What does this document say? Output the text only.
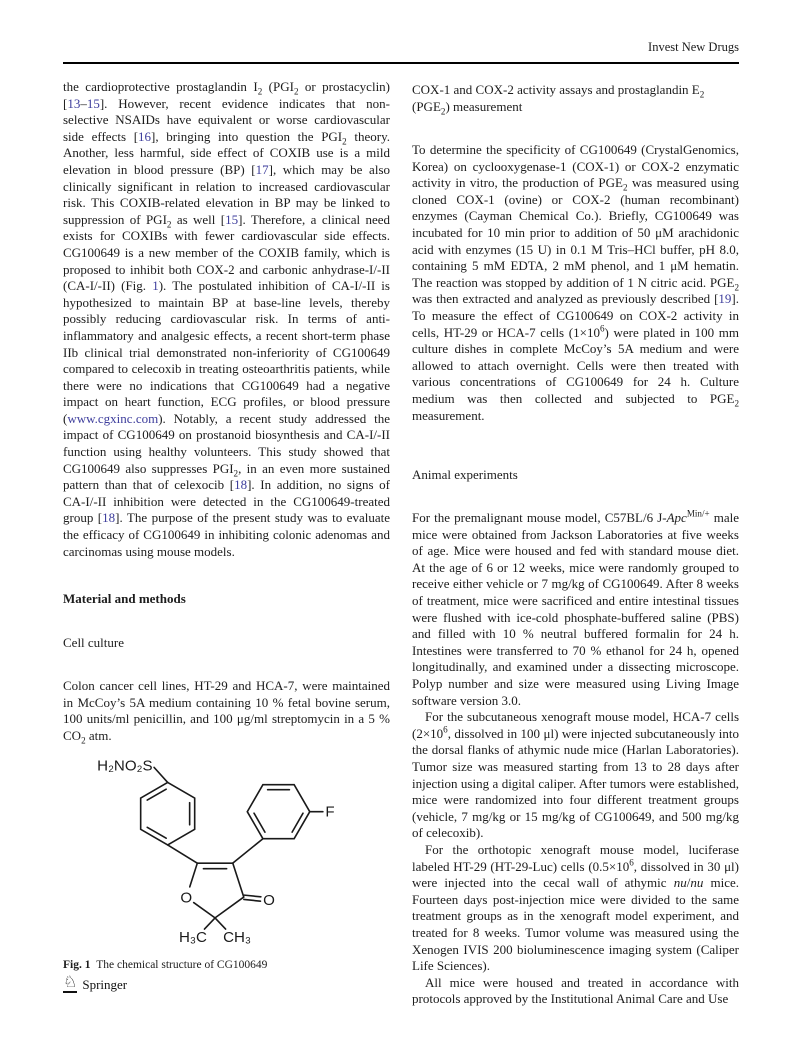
Invest New Drugs

the cardioprotective prostaglandin $I_2$ ($PGI_2$ or prostacyclin) [13–15]. However, recent evidence indicates that non-selective NSAIDs have equivalent or worse cardiovascular side effects [16], bringing into question the $PGI_2$ theory. Another, less harmful, side effect of COXIB use is a mild elevation in blood pressure (BP) [17], which may be also clinically significant in relation to increased cardiovascular risk. This COXIB-related elevation in BP may be linked to suppression of $PGI_2$ as well [15]. Therefore, a clinical need exists for COXIBs with fewer cardiovascular side effects. CG100649 is a new member of the COXIB family, which is proposed to inhibit both COX-2 and carbonic anhydrase-I/-II (CA-I/-II) (Fig. 1). The postulated inhibition of CA-I/-II is hypothesized to maintain BP at base-line levels, thereby possibly reducing cardiovascular risk. In terms of anti-inflammatory and analgesic effects, a recent short-term phase IIb clinical trial demonstrated non-inferiority of CG100649 compared to celecoxib in treating osteoarthritis patients, while there were no indications that CG100649 had a negative impact on heart function, ECG profiles, or blood pressure (www.cgxinc.com). Notably, a recent study addressed the impact of CG100649 on prostanoid biosynthesis and CA-I/-II function using healthy volunteers. This study showed that CG100649 also suppresses $PGI_2$, in an even more sustained pattern than that of celexocib [18]. In addition, no signs of CA-I/-II inhibition were detected in the CG100649-treated group [18]. The purpose of the present study was to evaluate the efficacy of CG100649 in inhibiting colonic adenomas and carcinomas using mouse models.

Material and methods

Cell culture

Colon cancer cell lines, HT-29 and HCA-7, were maintained in McCoy’s 5A medium containing 10 % fetal bovine serum, 100 units/ml penicillin, and 100 μg/ml streptomycin in a 5 % $CO_2$ atm.

H₂NO₂S
F
O	O
H₃C CH₃

Fig. 1 The chemical structure of CG100649

COX-1 and COX-2 activity assays and prostaglandin $E_2$ $(PGE_2)$ measurement

To determine the specificity of CG100649 (CrystalGenomics, Korea) on cyclooxygenase-1 (COX-1) or COX-2 enzymatic activity in vitro, the production of $PGE_2$ was measured using cloned COX-1 (ovine) or COX-2 (human recombinant) enzymes (Cayman Chemical Co.). Briefly, CG100649 was incubated for 10 min prior to addition of 50 μM arachidonic acid with enzymes (15 U) in 0.1 M Tris–HCl buffer, pH 8.0, containing 5 mM EDTA, 2 mM phenol, and 1 μM hematin. The reaction was stopped by addition of 1 N citric acid. $PGE_2$ was then extracted and analyzed as previously described [19]. To measure the effect of CG100649 on COX-2 activity in cells, HT-29 or HCA-7 cells $(1\times 10^6)$ were plated in 100 mm culture dishes in complete McCoy’s 5A medium and were allowed to attach overnight. Cells were then treated with various concentrations of CG100649 for 24 h. Culture medium was then collected and subjected to $PGE_2$ measurement.

Animal experiments

For the premalignant mouse model, C57BL/6 J-Apc$^{Min/+}$ male mice were obtained from Jackson Laboratories at five weeks of age. Mice were housed and fed with standard mouse diet. At the age of 6 or 12 weeks, mice were randomly grouped to receive either vehicle or 7 mg/kg of CG100649. After 8 weeks of treatment, mice were sacrificed and entire intestinal tissues were flushed with ice-cold phosphate-buffered saline (PBS) and filled with 10 % neutral buffered formalin for 24 h. Intestines were transferred to 70 % ethanol for 24 h, opened longitudinally, and examined under a dissecting microscope. Polyp number and size were measured using Living Image software version 3.0.

For the subcutaneous xenograft mouse model, HCA-7 cells ($2\times 10^6$, dissolved in 100 μl) were injected subcutaneously into the dorsal flanks of athymic nude mice (Harlan Laboratories). Tumor size was measured starting from 13 to 28 days after injection using a digital caliper. After tumors were established, mice were randomized into four different treatment groups (vehicle, 7 mg/kg or 15 mg/kg of CG100649, and 500 mg/kg of celecoxib).

For the orthotopic xenograft mouse model, luciferase labeled HT-29 (HT-29-Luc) cells ($0.5\times 10^6$, dissolved in 30 μl) were injected into the cecal wall of athymic nu/nu mice. Fourteen days post-injection mice were divided to the same treatment groups as in the xenograft model experiment, and treated for 8 weeks. Tumor volume was measured using the Xenogen IVIS 200 bioluminescence imaging system (Caliper Life Sciences).

All mice were housed and treated in accordance with protocols approved by the Institutional Animal Care and Use

♘ Springer
